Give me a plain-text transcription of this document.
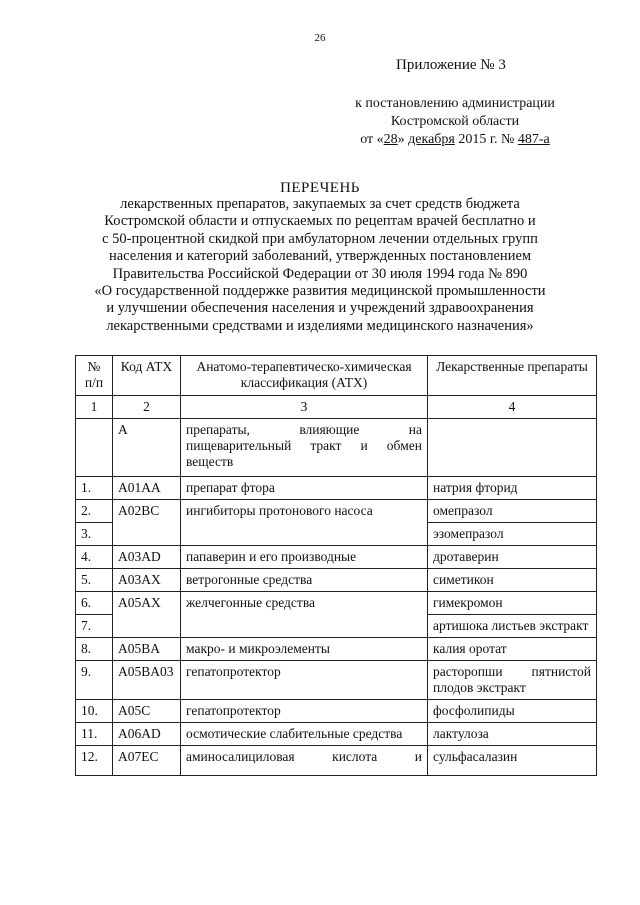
26
Приложение № 3
к постановлению администрации
Костромской области
от «28» декабря 2015 г. № 487-а
ПЕРЕЧЕНЬ
лекарственных препаратов, закупаемых за счет средств бюджета
Костромской области и отпускаемых по рецептам врачей бесплатно и
с 50-процентной скидкой при амбулаторном лечении отдельных групп
населения и категорий заболеваний, утвержденных постановлением
Правительства Российской Федерации от 30 июля 1994 года № 890
«О государственной поддержке развития медицинской промышленности
и улучшении обеспечения населения и учреждений здравоохранения
лекарственными средствами и изделиями медицинского назначения»
№ п/п	Код АТХ	Анатомо-терапевтическо-химическая классификация (АТХ)	Лекарственные препараты
1	2	3	4
	А	препараты, влияющие на пищеварительный тракт и обмен веществ	
1.	A01AA	препарат фтора	натрия фторид
2.	A02BC	ингибиторы протонового насоса	омепразол
3.			эзомепразол
4.	A03AD	папаверин и его производные	дротаверин
5.	A03AX	ветрогонные средства	симетикон
6.	A05AX	желчегонные средства	гимекромон
7.			артишока листьев экстракт
8.	A05BA	макро- и микроэлементы	калия оротат
9.	A05BA03	гепатопротектор	расторопши пятнистой плодов экстракт
10.	A05C	гепатопротектор	фосфолипиды
11.	A06AD	осмотические слабительные средства	лактулоза
12.	A07EC	аминосалициловая кислота и	сульфасалазин
